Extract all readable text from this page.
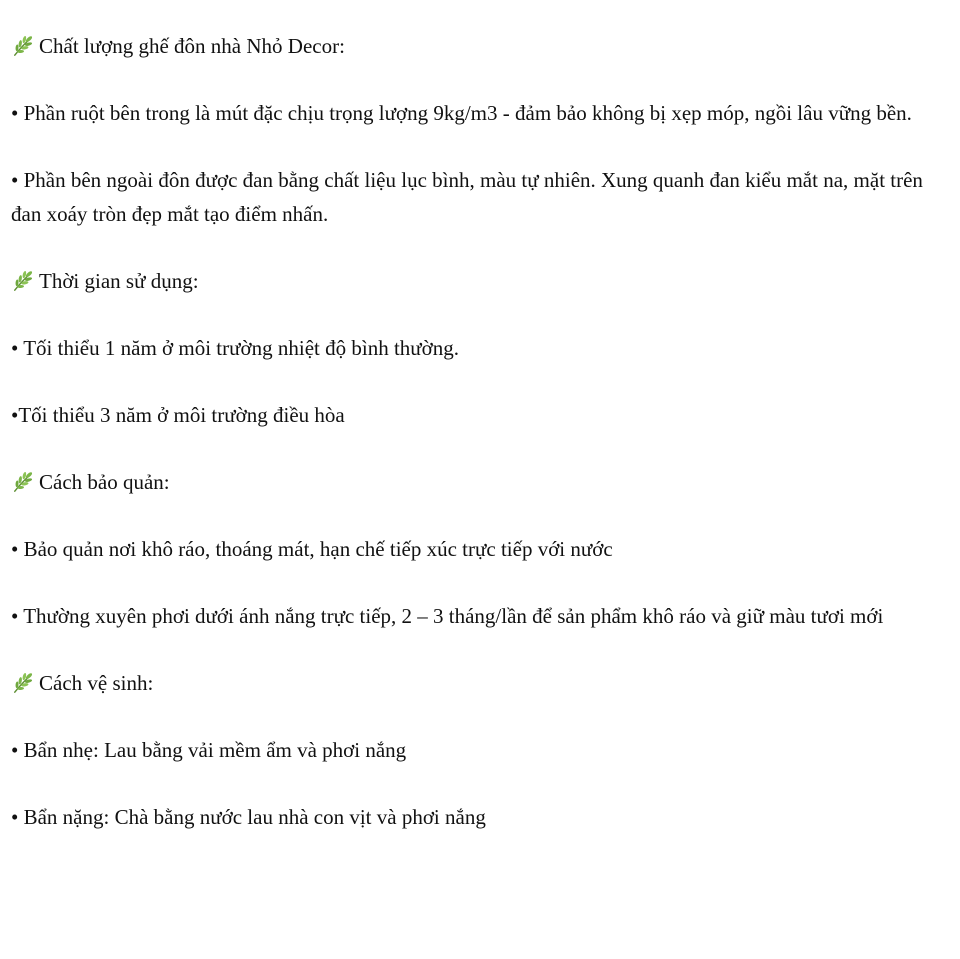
Chất lượng ghế đôn nhà Nhỏ Decor:

• Phần ruột bên trong là mút đặc chịu trọng lượng 9kg/m3 - đảm bảo không bị xẹp móp, ngồi lâu vững bền.

• Phần bên ngoài đôn được đan bằng chất liệu lục bình, màu tự nhiên. Xung quanh đan kiểu mắt na, mặt trên đan xoáy tròn đẹp mắt tạo điểm nhấn.

Thời gian sử dụng:

• Tối thiểu 1 năm ở môi trường nhiệt độ bình thường.

•Tối thiểu 3 năm ở môi trường điều hòa

Cách bảo quản:

• Bảo quản nơi khô ráo, thoáng mát, hạn chế tiếp xúc trực tiếp với nước

• Thường xuyên phơi dưới ánh nắng trực tiếp, 2 – 3 tháng/lần để sản phẩm khô ráo và giữ màu tươi mới

Cách vệ sinh:

• Bẩn nhẹ: Lau bằng vải mềm ẩm và phơi nắng

• Bẩn nặng: Chà bằng nước lau nhà con vịt và phơi nắng
